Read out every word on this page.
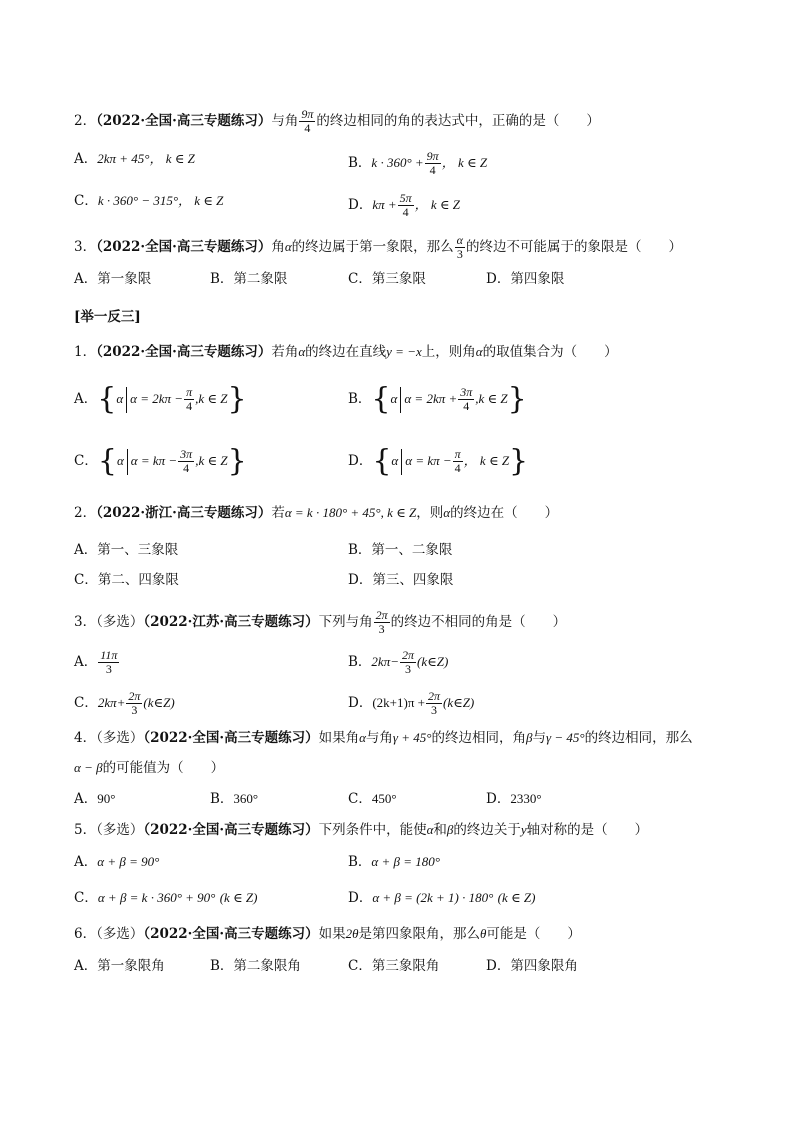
2．（2022·全国·高三专题练习）与角 $\frac{9\pi}{4}$ 的终边相同的角的表达式中，正确的是（　　）
A．2kπ + 45°， k ∈ Z	B．$k \cdot 360^\circ + \frac{9\pi}{4}$ ， k ∈ Z
C．k · 360° − 315°， k ∈ Z	D．$k\pi + \frac{5\pi}{4}$ ， k ∈ Z
3．（2022·全国·高三专题练习）角α的终边属于第一象限，那么 $\frac{\alpha}{3}$ 的终边不可能属于的象限是（　　）
A．第一象限	B．第二象限	C．第三象限	D．第四象限
[举一反三]
1．（2022·全国·高三专题练习）若角α的终边在直线y = −x上，则角α的取值集合为（　　）
A．{α $\alpha = 2k\pi - \frac{\pi}{4} ,k$ ∈ Z}	B．{α $\alpha = 2k\pi + \frac{3\pi}{4} ,k$ ∈ Z}
C．{α $\alpha = k\pi - \frac{3\pi}{4} ,k$ ∈ Z}	D．{α $\alpha = k\pi - \frac{\pi}{4}$ ， k ∈ Z}
2．（2022·浙江·高三专题练习）若α = k · 180° + 45°, k ∈ Z，则α的终边在（　　）
A．第一、三象限	B．第一、二象限
C．第二、四象限	D．第三、四象限
3．（多选）（2022·江苏·高三专题练习）下列与角 $\frac{2\pi}{3}$ 的终边不相同的角是（　　）
A． $\frac{11\pi}{3}$	B．$2k\pi- \frac{2\pi}{3}$ (k∈Z)
C．$2k\pi+ \frac{2\pi}{3}$ (k∈Z)	D．$(2k+1)\pi + \frac{2\pi}{3}$ (k∈Z)
4．（多选）（2022·全国·高三专题练习）如果角α与角γ + 45°的终边相同，角β与γ − 45°的终边相同，那么
α − β的可能值为（　　）
A．90°	B．360°	C．450°	D．2330°
5．（多选）（2022·全国·高三专题练习）下列条件中，能使α和β的终边关于y轴对称的是（　　）
A．α + β = 90°	B．α + β = 180°
C．α + β = k · 360° + 90° (k ∈ Z)	D．α + β = (2k + 1) · 180° (k ∈ Z)
6．（多选）（2022·全国·高三专题练习）如果2θ是第四象限角，那么θ可能是（　　）
A．第一象限角	B．第二象限角	C．第三象限角	D．第四象限角
